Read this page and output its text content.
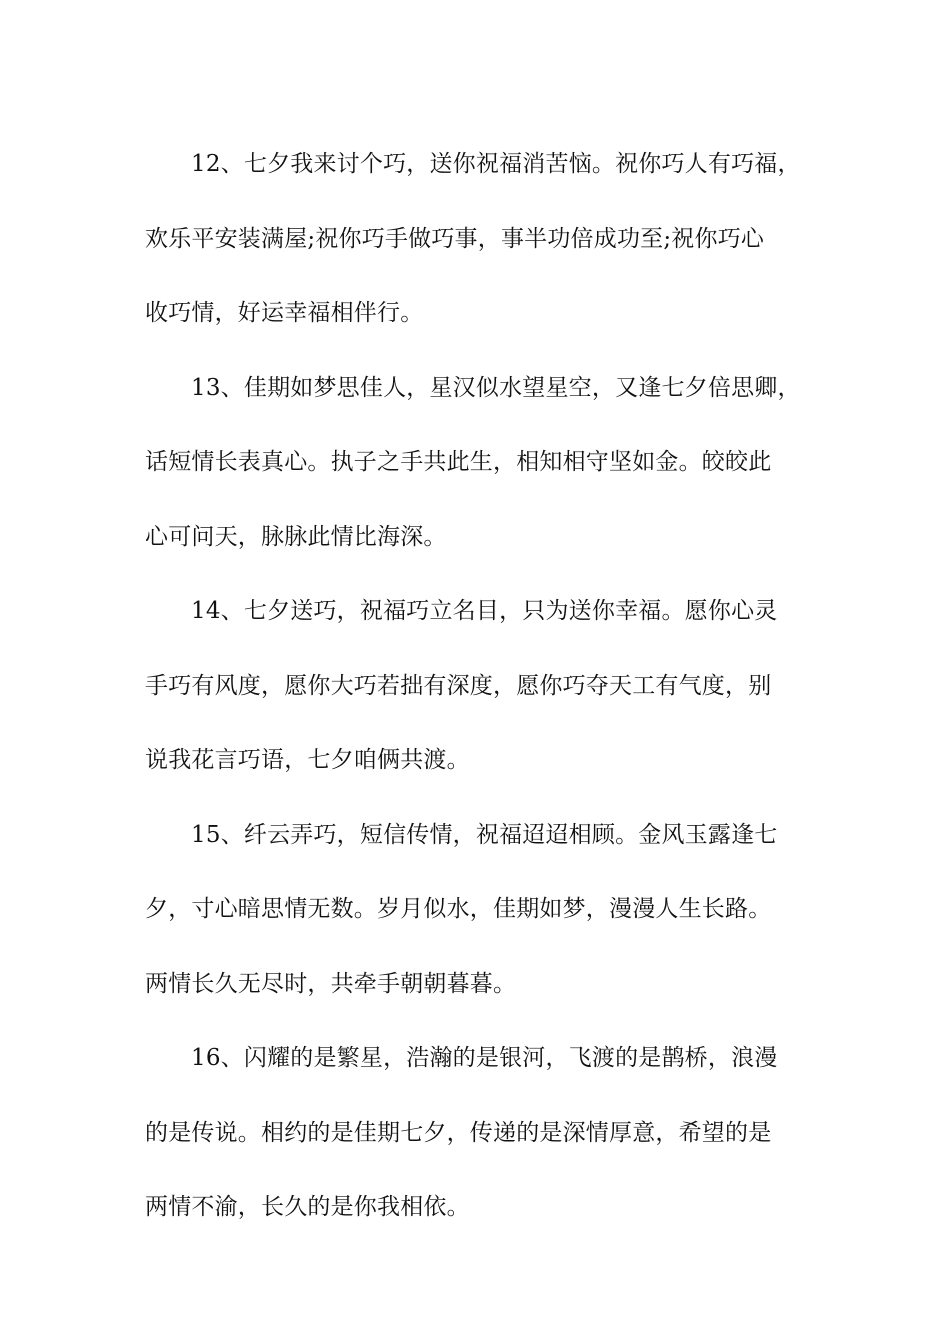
12、七夕我来讨个巧，送你祝福消苦恼。祝你巧人有巧福，
欢乐平安装满屋;祝你巧手做巧事，事半功倍成功至;祝你巧心
收巧情，好运幸福相伴行。
13、佳期如梦思佳人，星汉似水望星空，又逢七夕倍思卿，
话短情长表真心。执子之手共此生，相知相守坚如金。皎皎此
心可问天，脉脉此情比海深。
14、七夕送巧，祝福巧立名目，只为送你幸福。愿你心灵
手巧有风度，愿你大巧若拙有深度，愿你巧夺天工有气度，别
说我花言巧语，七夕咱俩共渡。
15、纤云弄巧，短信传情，祝福迢迢相顾。金风玉露逢七
夕，寸心暗思情无数。岁月似水，佳期如梦，漫漫人生长路。
两情长久无尽时，共牵手朝朝暮暮。
16、闪耀的是繁星，浩瀚的是银河，飞渡的是鹊桥，浪漫
的是传说。相约的是佳期七夕，传递的是深情厚意，希望的是
两情不渝，长久的是你我相依。
